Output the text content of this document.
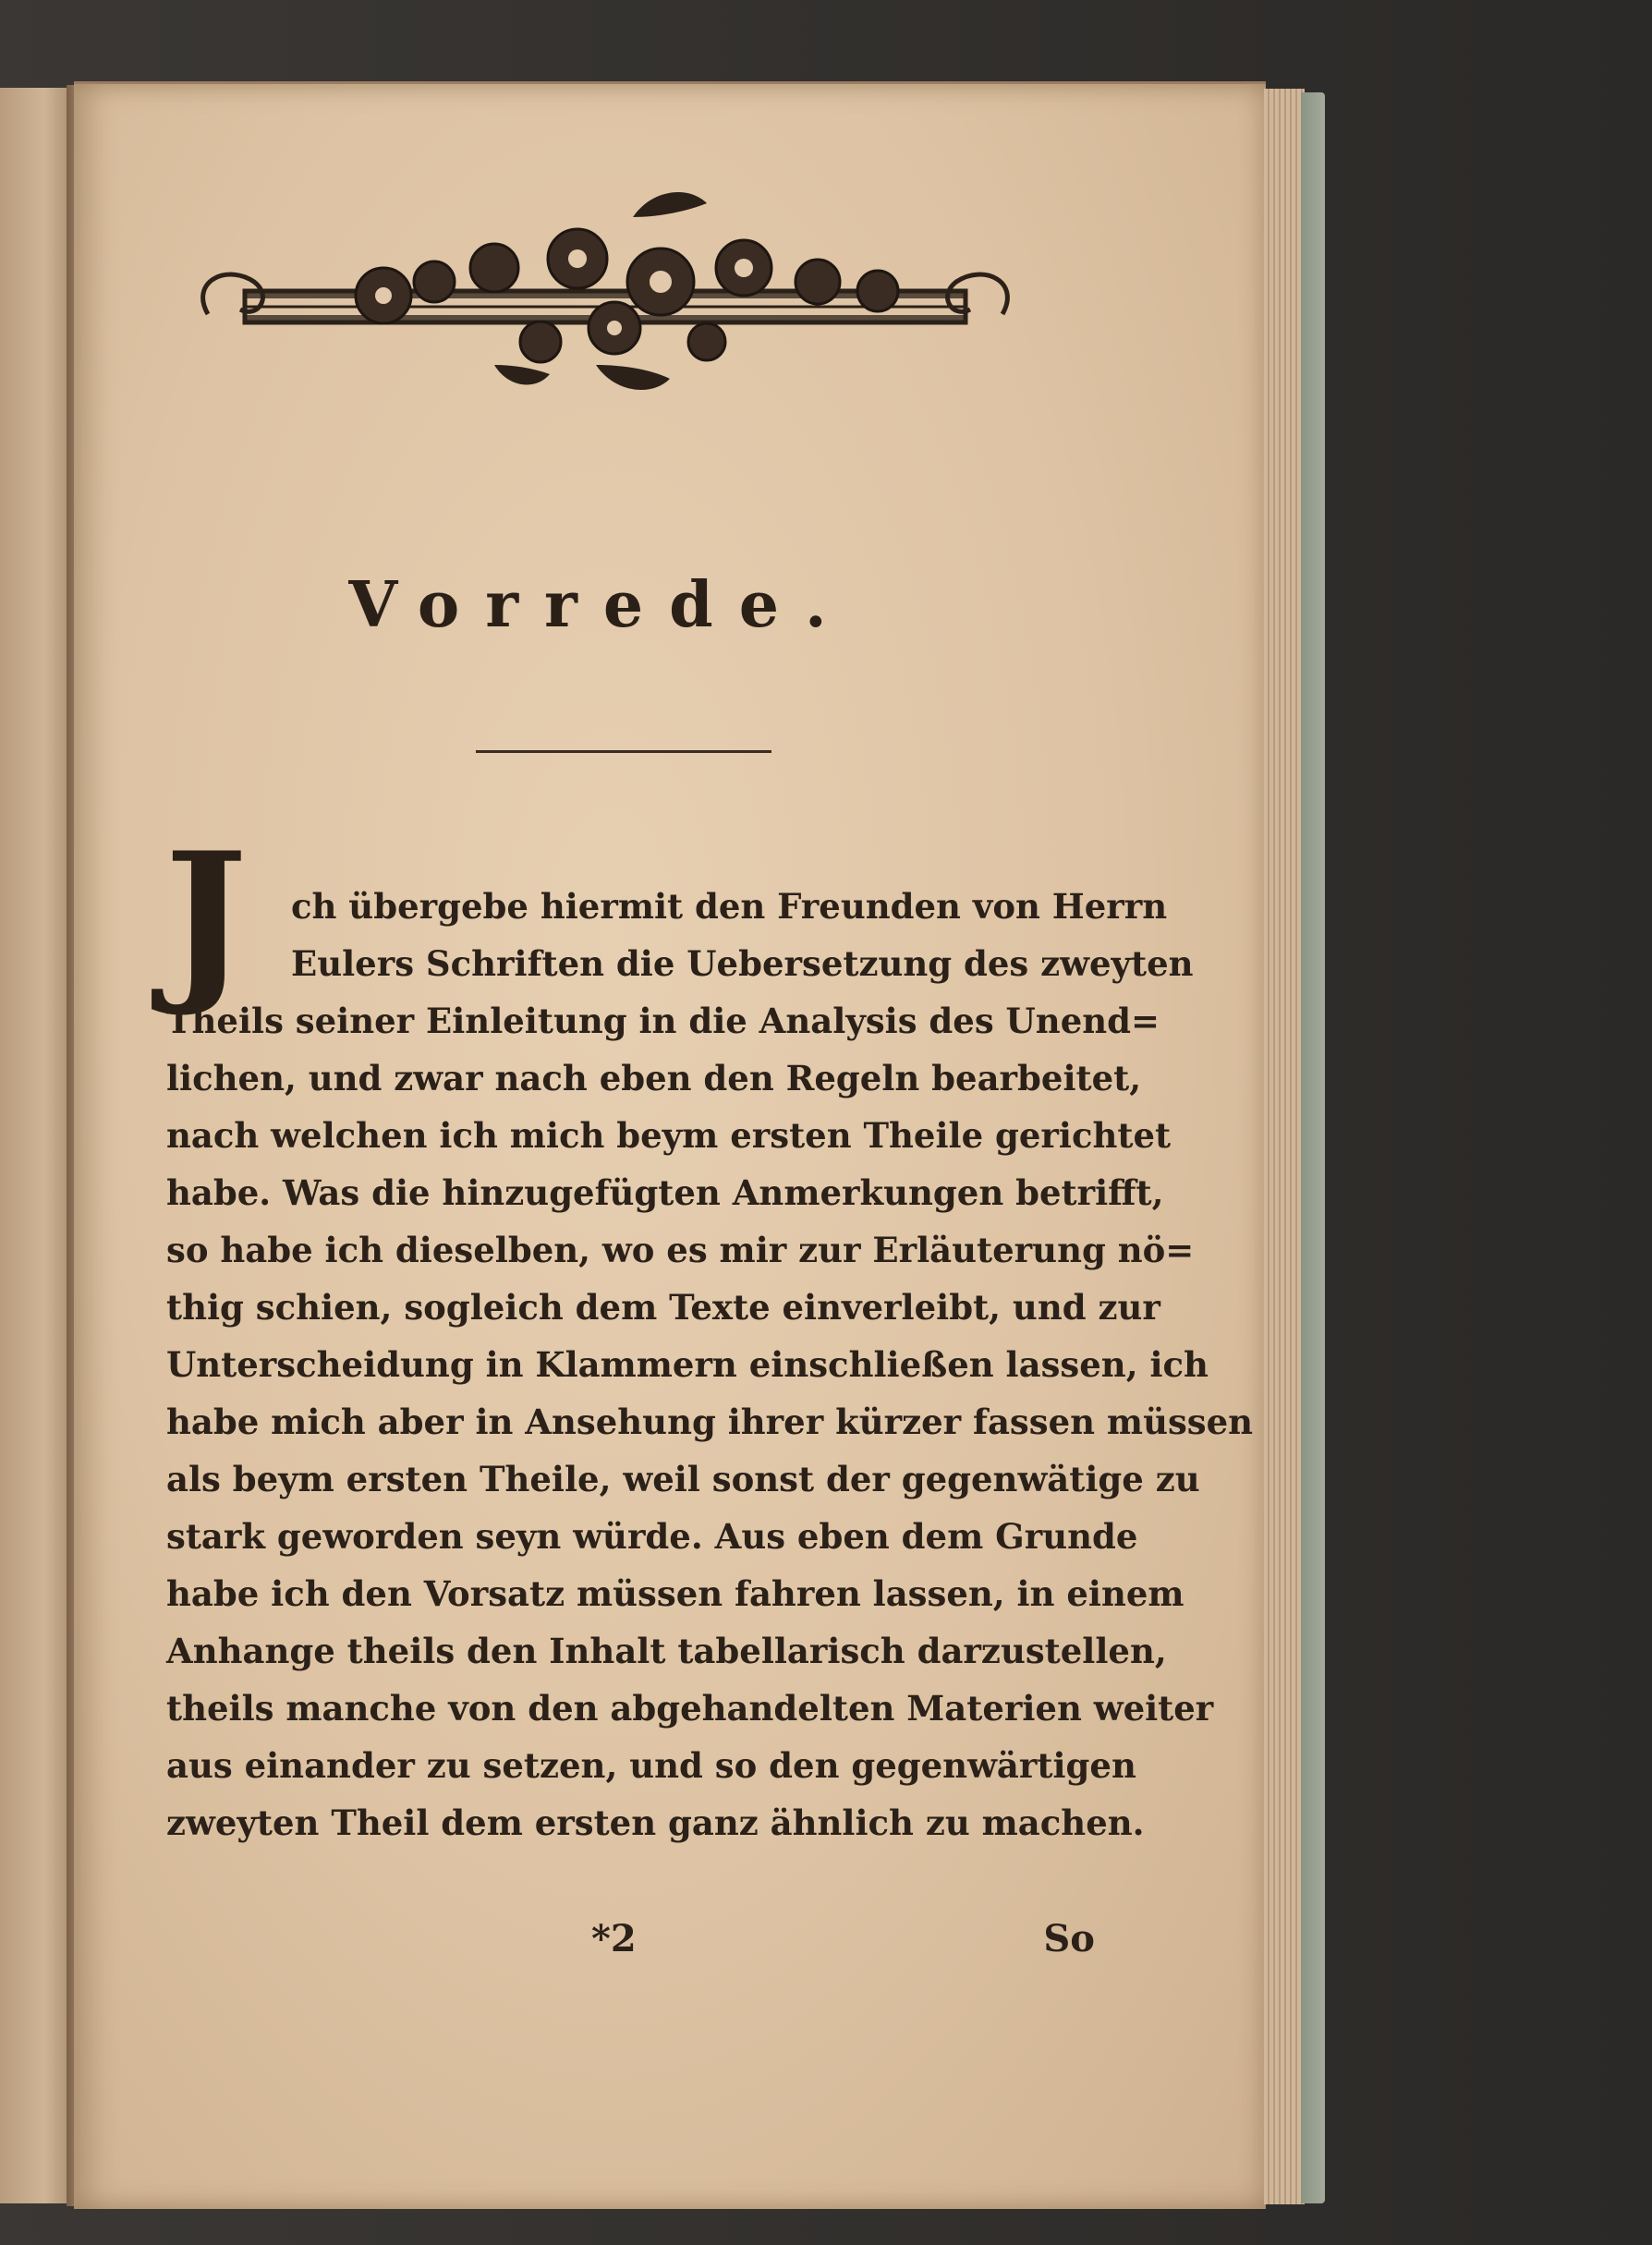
Vorrede.
J	ch übergebe hiermit den Freunden von Herrn
Eulers Schriften die Uebersetzung des zweyten
Theils seiner Einleitung in die Analysis des Unend=
lichen, und zwar nach eben den Regeln bearbeitet,
nach welchen ich mich beym ersten Theile gerichtet
habe. Was die hinzugefügten Anmerkungen betrifft,
so habe ich dieselben, wo es mir zur Erläuterung nö=
thig schien, sogleich dem Texte einverleibt, und zur
Unterscheidung in Klammern einschließen lassen, ich
habe mich aber in Ansehung ihrer kürzer fassen müssen
als beym ersten Theile, weil sonst der gegenwätige zu
stark geworden seyn würde. Aus eben dem Grunde
habe ich den Vorsatz müssen fahren lassen, in einem
Anhange theils den Inhalt tabellarisch darzustellen,
theils manche von den abgehandelten Materien weiter
aus einander zu setzen, und so den gegenwärtigen
zweyten Theil dem ersten ganz ähnlich zu machen.
*2	So
